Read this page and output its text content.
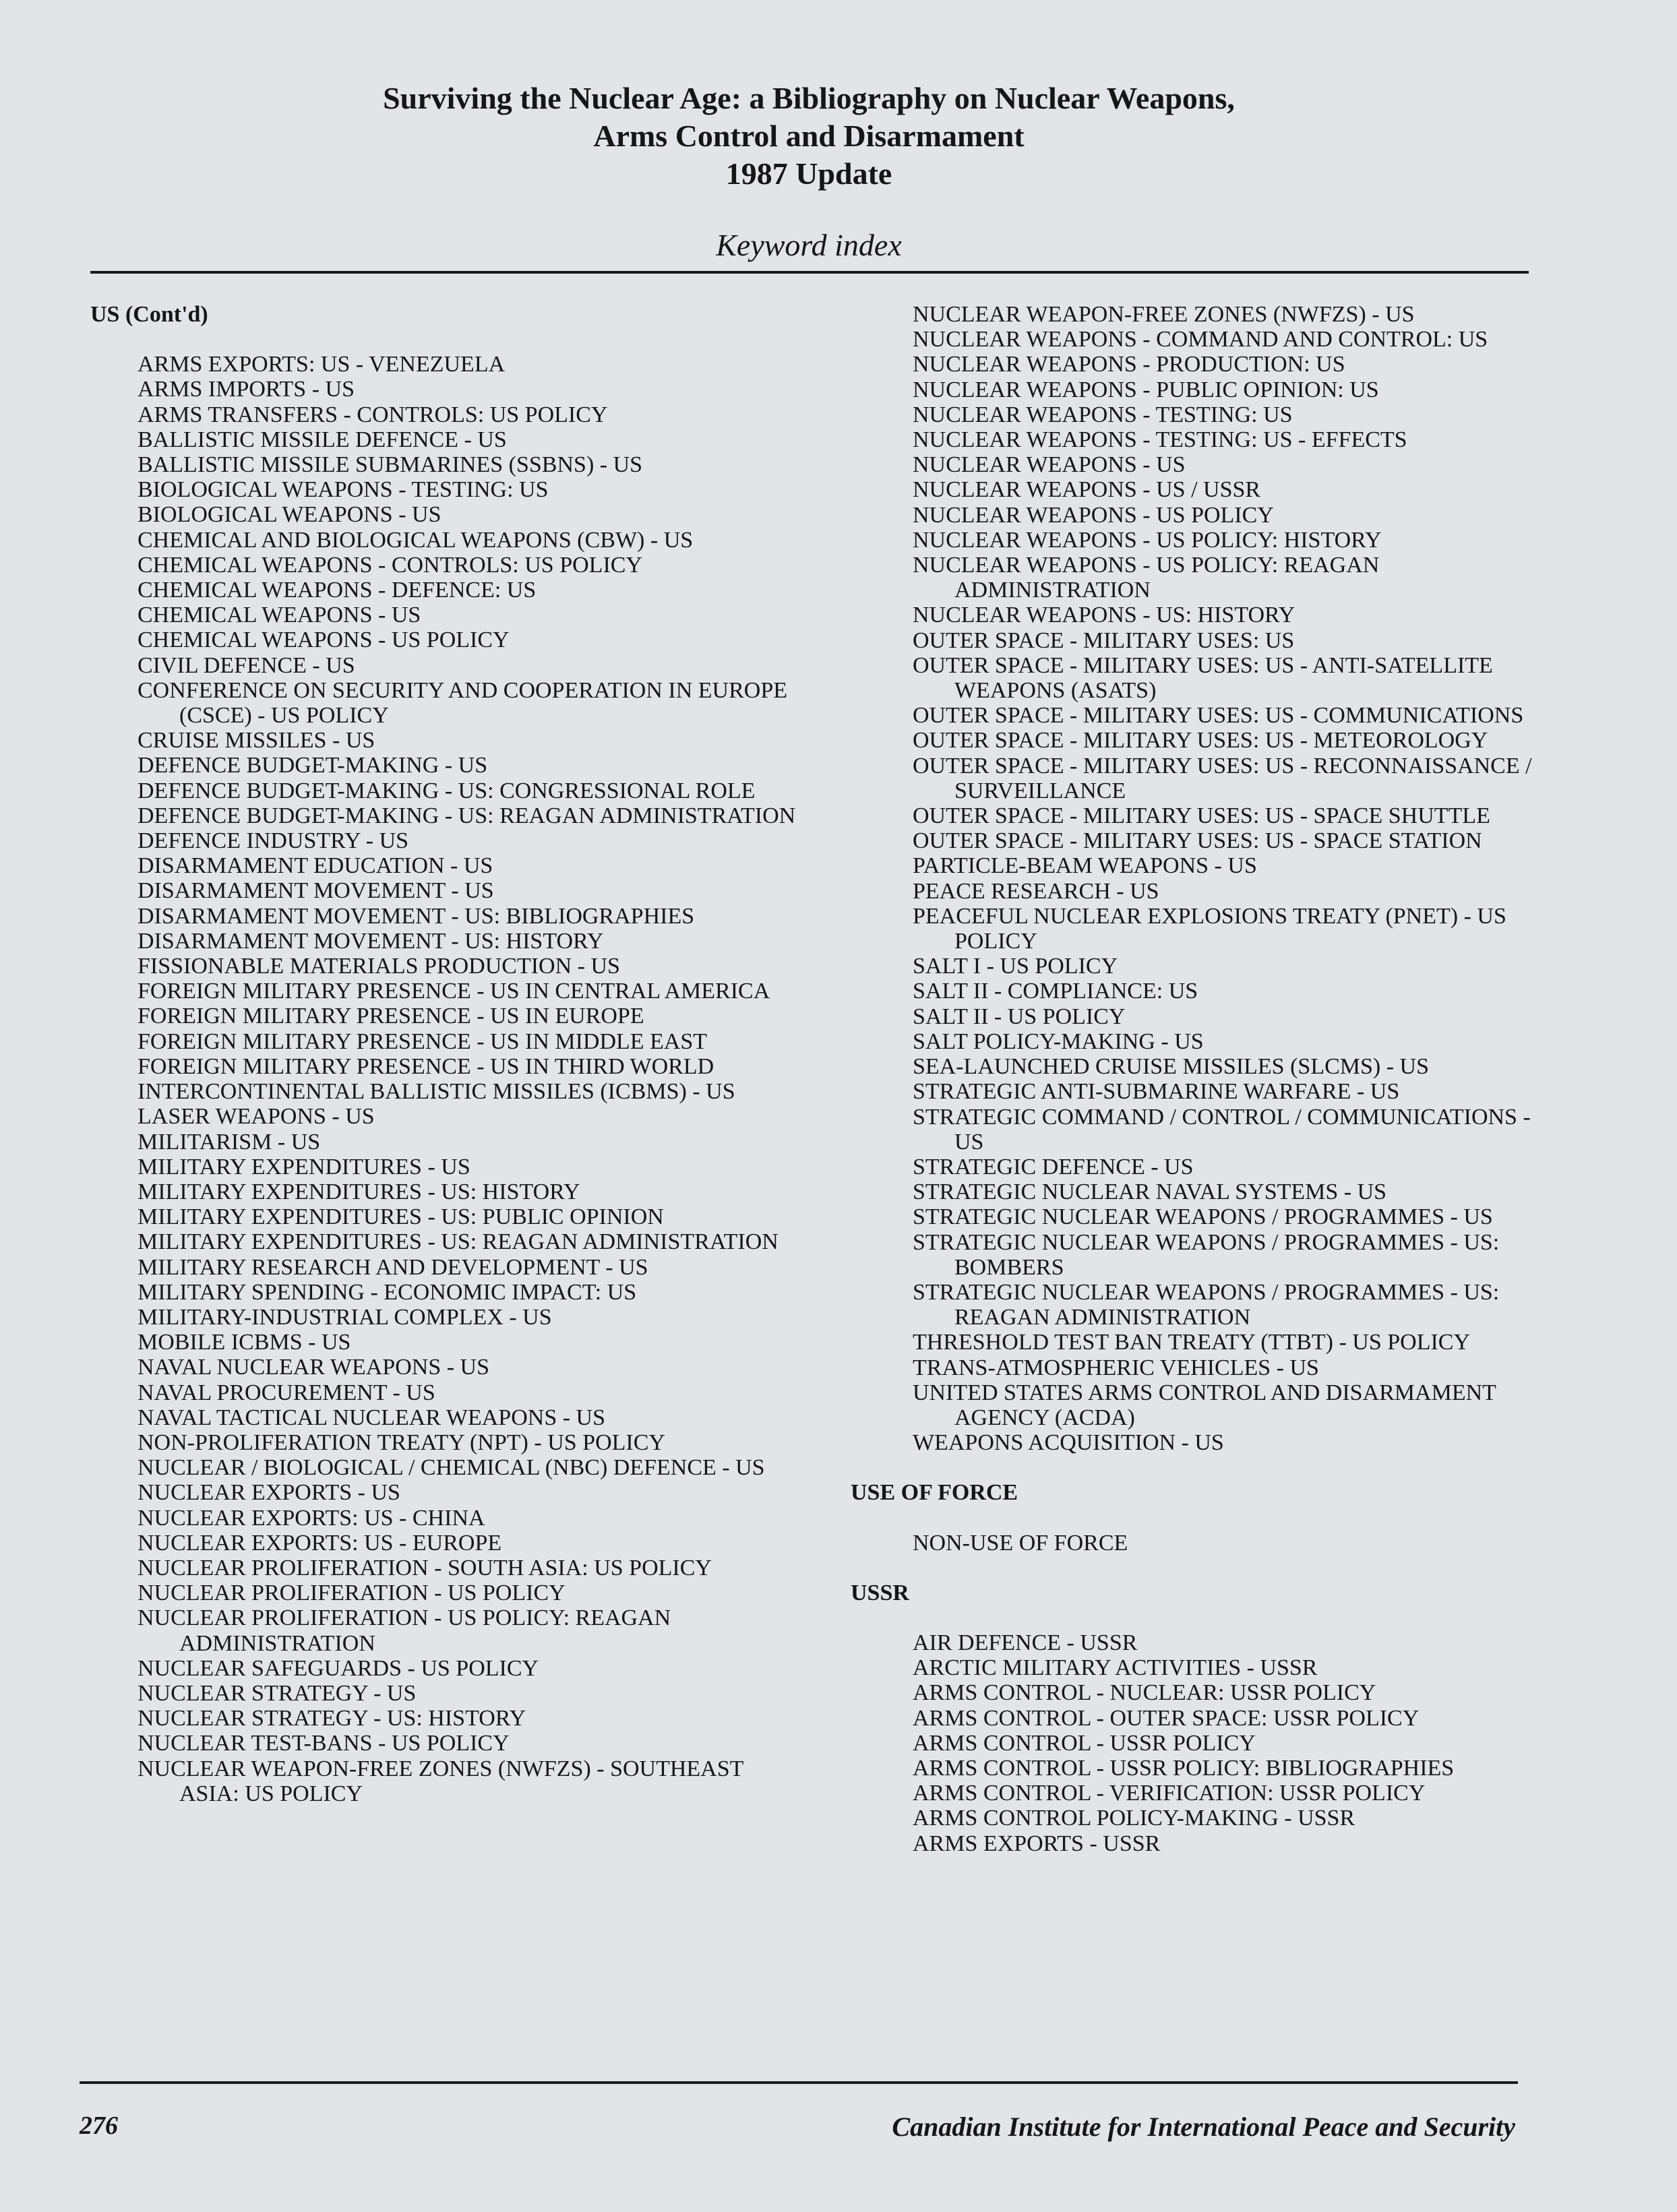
Surviving the Nuclear Age: a Bibliography on Nuclear Weapons,
Arms Control and Disarmament
1987 Update
Keyword index

US (Cont'd)

ARMS EXPORTS: US - VENEZUELA

ARMS IMPORTS - US

ARMS TRANSFERS - CONTROLS: US POLICY

BALLISTIC MISSILE DEFENCE - US

BALLISTIC MISSILE SUBMARINES (SSBNS) - US

BIOLOGICAL WEAPONS - TESTING: US

BIOLOGICAL WEAPONS - US

CHEMICAL AND BIOLOGICAL WEAPONS (CBW) - US

CHEMICAL WEAPONS - CONTROLS: US POLICY

CHEMICAL WEAPONS - DEFENCE: US

CHEMICAL WEAPONS - US

CHEMICAL WEAPONS - US POLICY

CIVIL DEFENCE - US

CONFERENCE ON SECURITY AND COOPERATION IN EUROPE (CSCE) - US POLICY

CRUISE MISSILES - US

DEFENCE BUDGET-MAKING - US

DEFENCE BUDGET-MAKING - US: CONGRESSIONAL ROLE

DEFENCE BUDGET-MAKING - US: REAGAN ADMINISTRATION

DEFENCE INDUSTRY - US

DISARMAMENT EDUCATION - US

DISARMAMENT MOVEMENT - US

DISARMAMENT MOVEMENT - US: BIBLIOGRAPHIES

DISARMAMENT MOVEMENT - US: HISTORY

FISSIONABLE MATERIALS PRODUCTION - US

FOREIGN MILITARY PRESENCE - US IN CENTRAL AMERICA

FOREIGN MILITARY PRESENCE - US IN EUROPE

FOREIGN MILITARY PRESENCE - US IN MIDDLE EAST

FOREIGN MILITARY PRESENCE - US IN THIRD WORLD

INTERCONTINENTAL BALLISTIC MISSILES (ICBMS) - US

LASER WEAPONS - US

MILITARISM - US

MILITARY EXPENDITURES - US

MILITARY EXPENDITURES - US: HISTORY

MILITARY EXPENDITURES - US: PUBLIC OPINION

MILITARY EXPENDITURES - US: REAGAN ADMINISTRATION

MILITARY RESEARCH AND DEVELOPMENT - US

MILITARY SPENDING - ECONOMIC IMPACT: US

MILITARY-INDUSTRIAL COMPLEX - US

MOBILE ICBMS - US

NAVAL NUCLEAR WEAPONS - US

NAVAL PROCUREMENT - US

NAVAL TACTICAL NUCLEAR WEAPONS - US

NON-PROLIFERATION TREATY (NPT) - US POLICY

NUCLEAR / BIOLOGICAL / CHEMICAL (NBC) DEFENCE - US

NUCLEAR EXPORTS - US

NUCLEAR EXPORTS: US - CHINA

NUCLEAR EXPORTS: US - EUROPE

NUCLEAR PROLIFERATION - SOUTH ASIA: US POLICY

NUCLEAR PROLIFERATION - US POLICY

NUCLEAR PROLIFERATION - US POLICY: REAGAN ADMINISTRATION

NUCLEAR SAFEGUARDS - US POLICY

NUCLEAR STRATEGY - US

NUCLEAR STRATEGY - US: HISTORY

NUCLEAR TEST-BANS - US POLICY

NUCLEAR WEAPON-FREE ZONES (NWFZS) - SOUTHEAST ASIA: US POLICY

NUCLEAR WEAPON-FREE ZONES (NWFZS) - US

NUCLEAR WEAPONS - COMMAND AND CONTROL: US

NUCLEAR WEAPONS - PRODUCTION: US

NUCLEAR WEAPONS - PUBLIC OPINION: US

NUCLEAR WEAPONS - TESTING: US

NUCLEAR WEAPONS - TESTING: US - EFFECTS

NUCLEAR WEAPONS - US

NUCLEAR WEAPONS - US / USSR

NUCLEAR WEAPONS - US POLICY

NUCLEAR WEAPONS - US POLICY: HISTORY

NUCLEAR WEAPONS - US POLICY: REAGAN ADMINISTRATION

NUCLEAR WEAPONS - US: HISTORY

OUTER SPACE - MILITARY USES: US

OUTER SPACE - MILITARY USES: US - ANTI-SATELLITE WEAPONS (ASATS)

OUTER SPACE - MILITARY USES: US - COMMUNICATIONS

OUTER SPACE - MILITARY USES: US - METEOROLOGY

OUTER SPACE - MILITARY USES: US - RECONNAISSANCE / SURVEILLANCE

OUTER SPACE - MILITARY USES: US - SPACE SHUTTLE

OUTER SPACE - MILITARY USES: US - SPACE STATION

PARTICLE-BEAM WEAPONS - US

PEACE RESEARCH - US

PEACEFUL NUCLEAR EXPLOSIONS TREATY (PNET) - US POLICY

SALT I - US POLICY

SALT II - COMPLIANCE: US

SALT II - US POLICY

SALT POLICY-MAKING - US

SEA-LAUNCHED CRUISE MISSILES (SLCMS) - US

STRATEGIC ANTI-SUBMARINE WARFARE - US

STRATEGIC COMMAND / CONTROL / COMMUNICATIONS - US

STRATEGIC DEFENCE - US

STRATEGIC NUCLEAR NAVAL SYSTEMS - US

STRATEGIC NUCLEAR WEAPONS / PROGRAMMES - US

STRATEGIC NUCLEAR WEAPONS / PROGRAMMES - US: BOMBERS

STRATEGIC NUCLEAR WEAPONS / PROGRAMMES - US: REAGAN ADMINISTRATION

THRESHOLD TEST BAN TREATY (TTBT) - US POLICY

TRANS-ATMOSPHERIC VEHICLES - US

UNITED STATES ARMS CONTROL AND DISARMAMENT AGENCY (ACDA)

WEAPONS ACQUISITION - US

USE OF FORCE

NON-USE OF FORCE

USSR

AIR DEFENCE - USSR

ARCTIC MILITARY ACTIVITIES - USSR

ARMS CONTROL - NUCLEAR: USSR POLICY

ARMS CONTROL - OUTER SPACE: USSR POLICY

ARMS CONTROL - USSR POLICY

ARMS CONTROL - USSR POLICY: BIBLIOGRAPHIES

ARMS CONTROL - VERIFICATION: USSR POLICY

ARMS CONTROL POLICY-MAKING - USSR

ARMS EXPORTS - USSR

276	Canadian Institute for International Peace and Security
